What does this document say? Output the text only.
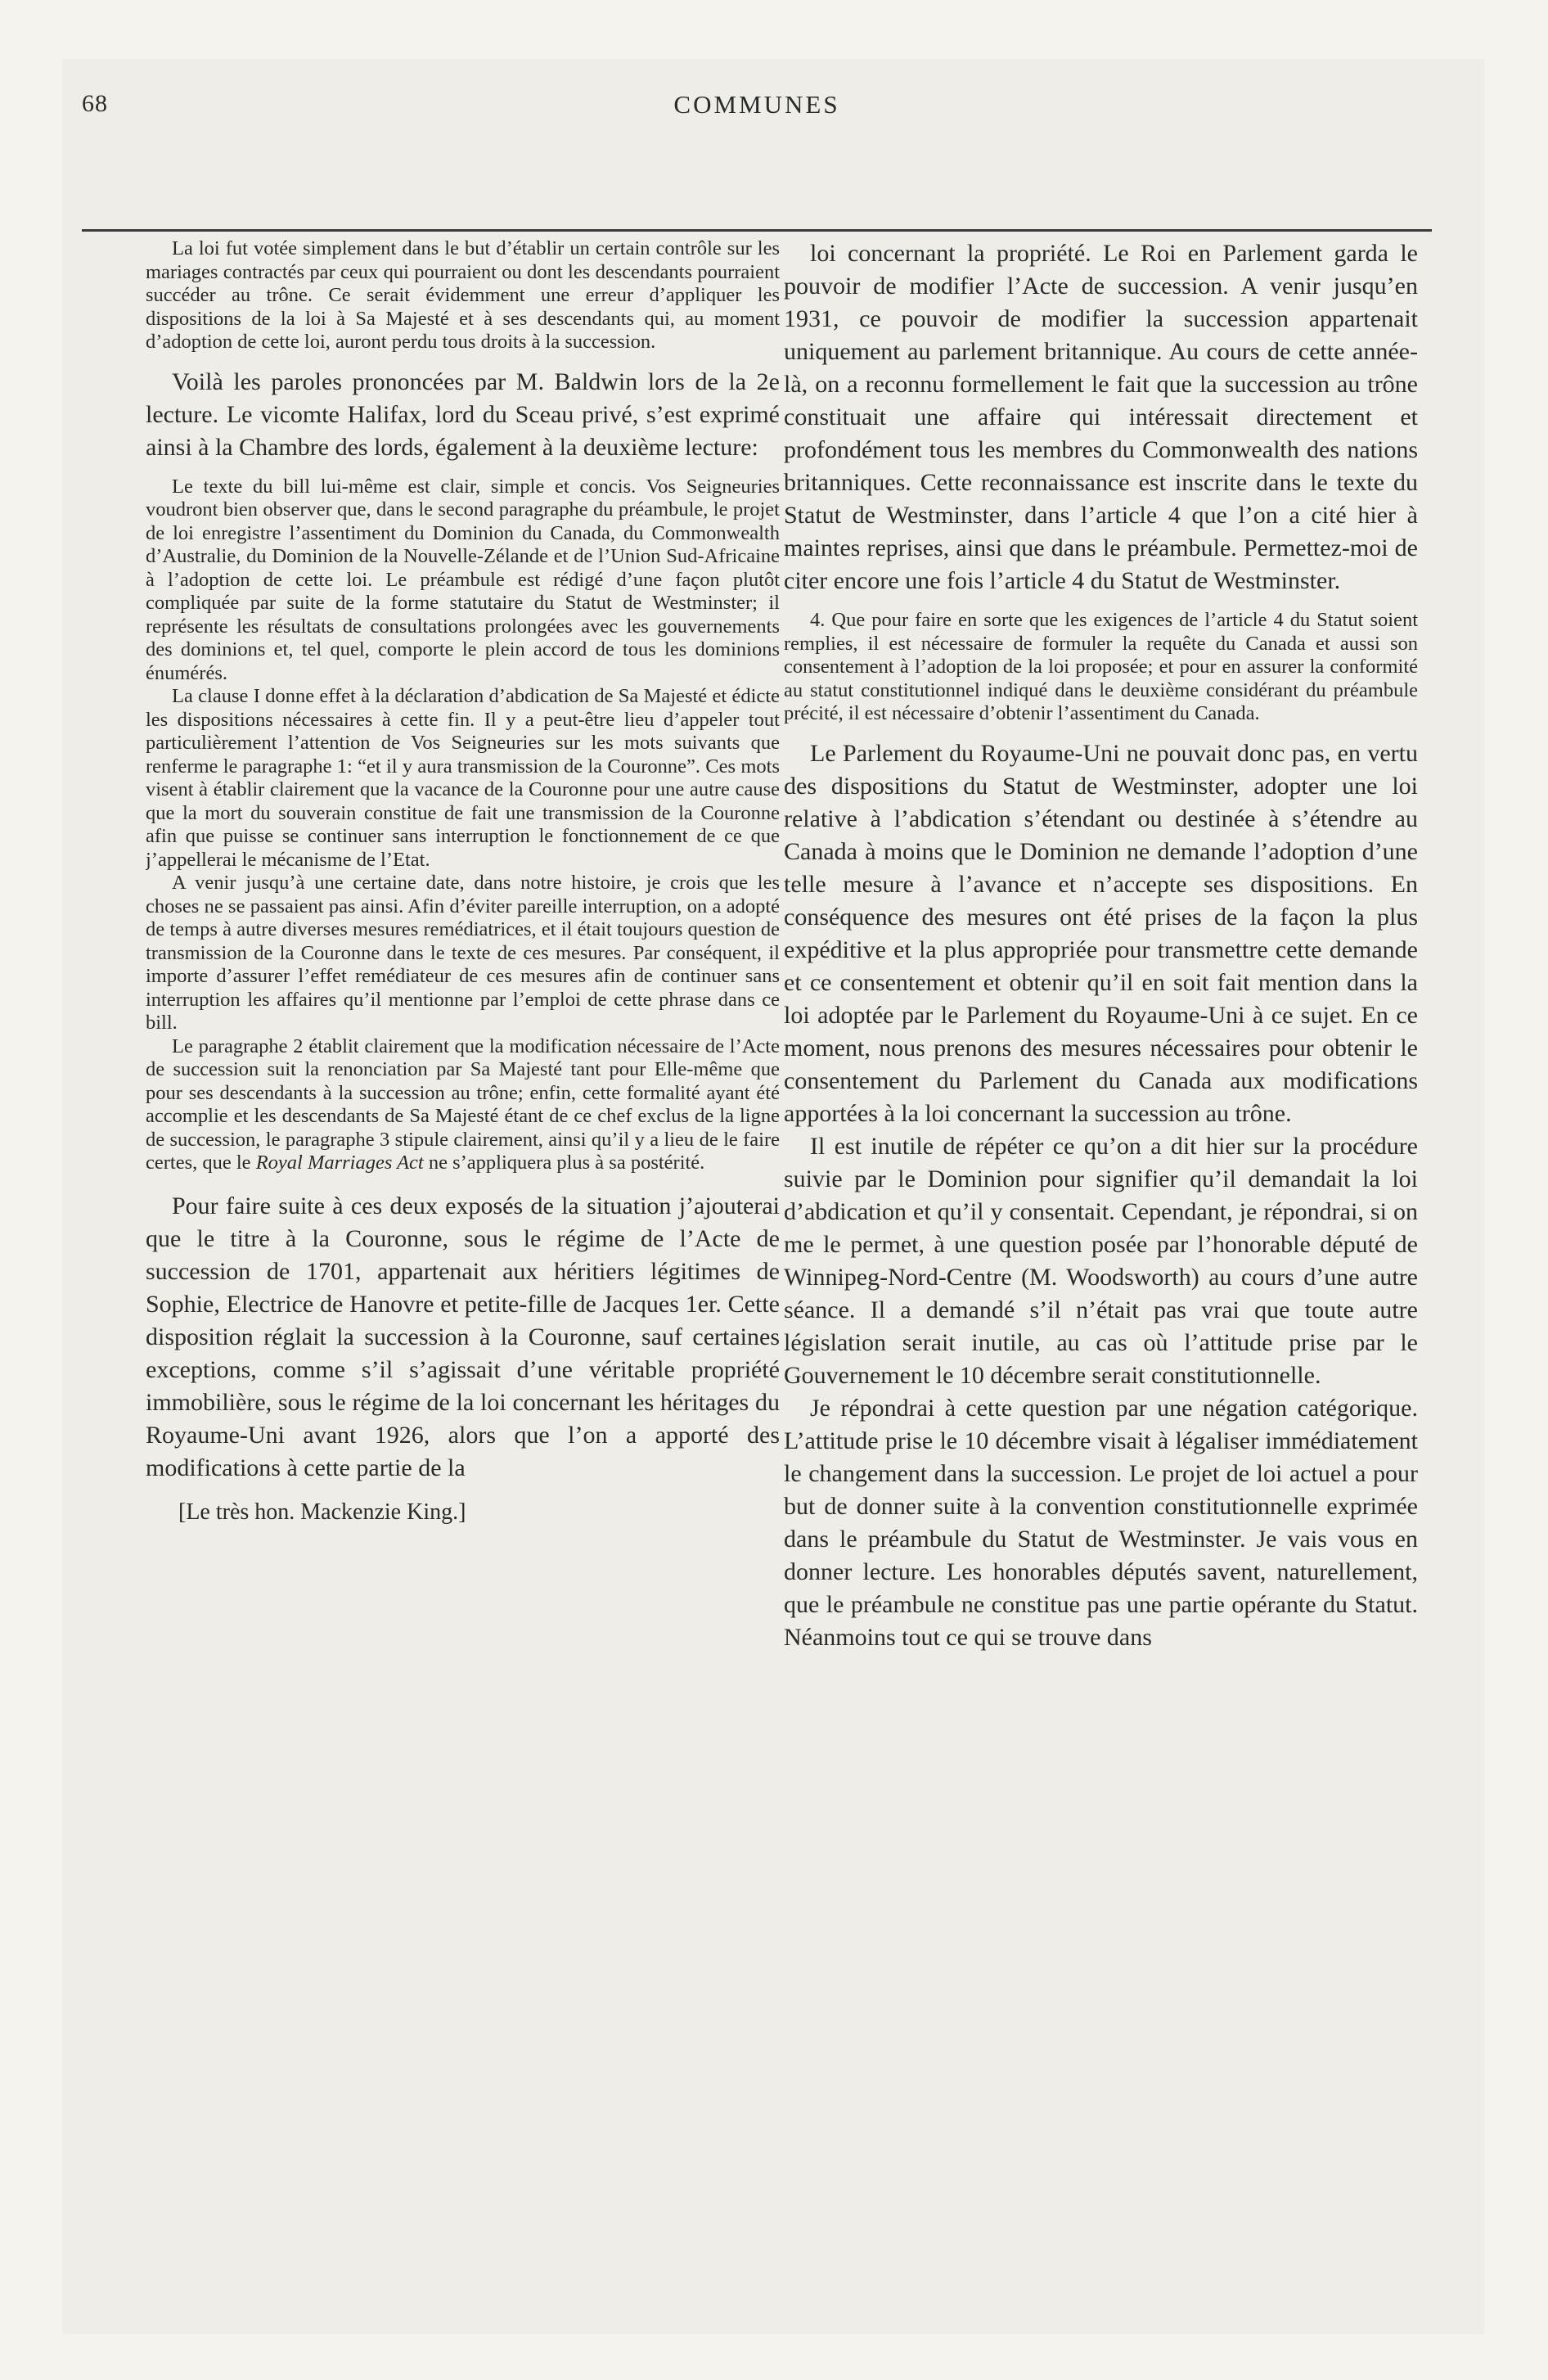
68	COMMUNES

La loi fut votée simplement dans le but d’établir un certain contrôle sur les mariages contractés par ceux qui pourraient ou dont les descendants pourraient succéder au trône. Ce serait évidemment une erreur d’appliquer les dispositions de la loi à Sa Majesté et à ses descendants qui, au moment d’adoption de cette loi, auront perdu tous droits à la succession.

Voilà les paroles prononcées par M. Baldwin lors de la 2e lecture. Le vicomte Halifax, lord du Sceau privé, s’est exprimé ainsi à la Chambre des lords, également à la deuxième lecture:

Le texte du bill lui-même est clair, simple et concis. Vos Seigneuries voudront bien observer que, dans le second paragraphe du préambule, le projet de loi enregistre l’assentiment du Dominion du Canada, du Commonwealth d’Australie, du Dominion de la Nouvelle-Zélande et de l’Union Sud-Africaine à l’adoption de cette loi. Le préambule est rédigé d’une façon plutôt compliquée par suite de la forme statutaire du Statut de Westminster; il représente les résultats de consultations prolongées avec les gouvernements des dominions et, tel quel, comporte le plein accord de tous les dominions énumérés.

La clause I donne effet à la déclaration d’abdication de Sa Majesté et édicte les dispositions nécessaires à cette fin. Il y a peut-être lieu d’appeler tout particulièrement l’attention de Vos Seigneuries sur les mots suivants que renferme le paragraphe 1: “et il y aura transmission de la Couronne”. Ces mots visent à établir clairement que la vacance de la Couronne pour une autre cause que la mort du souverain constitue de fait une transmission de la Couronne afin que puisse se continuer sans interruption le fonctionnement de ce que j’appellerai le mécanisme de l’Etat.

A venir jusqu’à une certaine date, dans notre histoire, je crois que les choses ne se passaient pas ainsi. Afin d’éviter pareille interruption, on a adopté de temps à autre diverses mesures remédiatrices, et il était toujours question de transmission de la Couronne dans le texte de ces mesures. Par conséquent, il importe d’assurer l’effet remédiateur de ces mesures afin de continuer sans interruption les affaires qu’il mentionne par l’emploi de cette phrase dans ce bill.

Le paragraphe 2 établit clairement que la modification nécessaire de l’Acte de succession suit la renonciation par Sa Majesté tant pour Elle-même que pour ses descendants à la succession au trône; enfin, cette formalité ayant été accomplie et les descendants de Sa Majesté étant de ce chef exclus de la ligne de succession, le paragraphe 3 stipule clairement, ainsi qu’il y a lieu de le faire certes, que le Royal Marriages Act ne s’appliquera plus à sa postérité.

Pour faire suite à ces deux exposés de la situation j’ajouterai que le titre à la Couronne, sous le régime de l’Acte de succession de 1701, appartenait aux héritiers légitimes de Sophie, Electrice de Hanovre et petite-fille de Jacques 1er. Cette disposition réglait la succession à la Couronne, sauf certaines exceptions, comme s’il s’agissait d’une véritable propriété immobilière, sous le régime de la loi concernant les héritages du Royaume-Uni avant 1926, alors que l’on a apporté des modifications à cette partie de la

[Le très hon. Mackenzie King.]

loi concernant la propriété. Le Roi en Parlement garda le pouvoir de modifier l’Acte de succession. A venir jusqu’en 1931, ce pouvoir de modifier la succession appartenait uniquement au parlement britannique. Au cours de cette année-là, on a reconnu formellement le fait que la succession au trône constituait une affaire qui intéressait directement et profondément tous les membres du Commonwealth des nations britanniques. Cette reconnaissance est inscrite dans le texte du Statut de Westminster, dans l’article 4 que l’on a cité hier à maintes reprises, ainsi que dans le préambule. Permettez-moi de citer encore une fois l’article 4 du Statut de Westminster.

4. Que pour faire en sorte que les exigences de l’article 4 du Statut soient remplies, il est nécessaire de formuler la requête du Canada et aussi son consentement à l’adoption de la loi proposée; et pour en assurer la conformité au statut constitutionnel indiqué dans le deuxième considérant du préambule précité, il est nécessaire d’obtenir l’assentiment du Canada.

Le Parlement du Royaume-Uni ne pouvait donc pas, en vertu des dispositions du Statut de Westminster, adopter une loi relative à l’abdication s’étendant ou destinée à s’étendre au Canada à moins que le Dominion ne demande l’adoption d’une telle mesure à l’avance et n’accepte ses dispositions. En conséquence des mesures ont été prises de la façon la plus expéditive et la plus appropriée pour transmettre cette demande et ce consentement et obtenir qu’il en soit fait mention dans la loi adoptée par le Parlement du Royaume-Uni à ce sujet. En ce moment, nous prenons des mesures nécessaires pour obtenir le consentement du Parlement du Canada aux modifications apportées à la loi concernant la succession au trône.

Il est inutile de répéter ce qu’on a dit hier sur la procédure suivie par le Dominion pour signifier qu’il demandait la loi d’abdication et qu’il y consentait. Cependant, je répondrai, si on me le permet, à une question posée par l’honorable député de Winnipeg-Nord-Centre (M. Woodsworth) au cours d’une autre séance. Il a demandé s’il n’était pas vrai que toute autre législation serait inutile, au cas où l’attitude prise par le Gouvernement le 10 décembre serait constitutionnelle.

Je répondrai à cette question par une négation catégorique. L’attitude prise le 10 décembre visait à légaliser immédiatement le changement dans la succession. Le projet de loi actuel a pour but de donner suite à la convention constitutionnelle exprimée dans le préambule du Statut de Westminster. Je vais vous en donner lecture. Les honorables députés savent, naturellement, que le préambule ne constitue pas une partie opérante du Statut. Néanmoins tout ce qui se trouve dans
